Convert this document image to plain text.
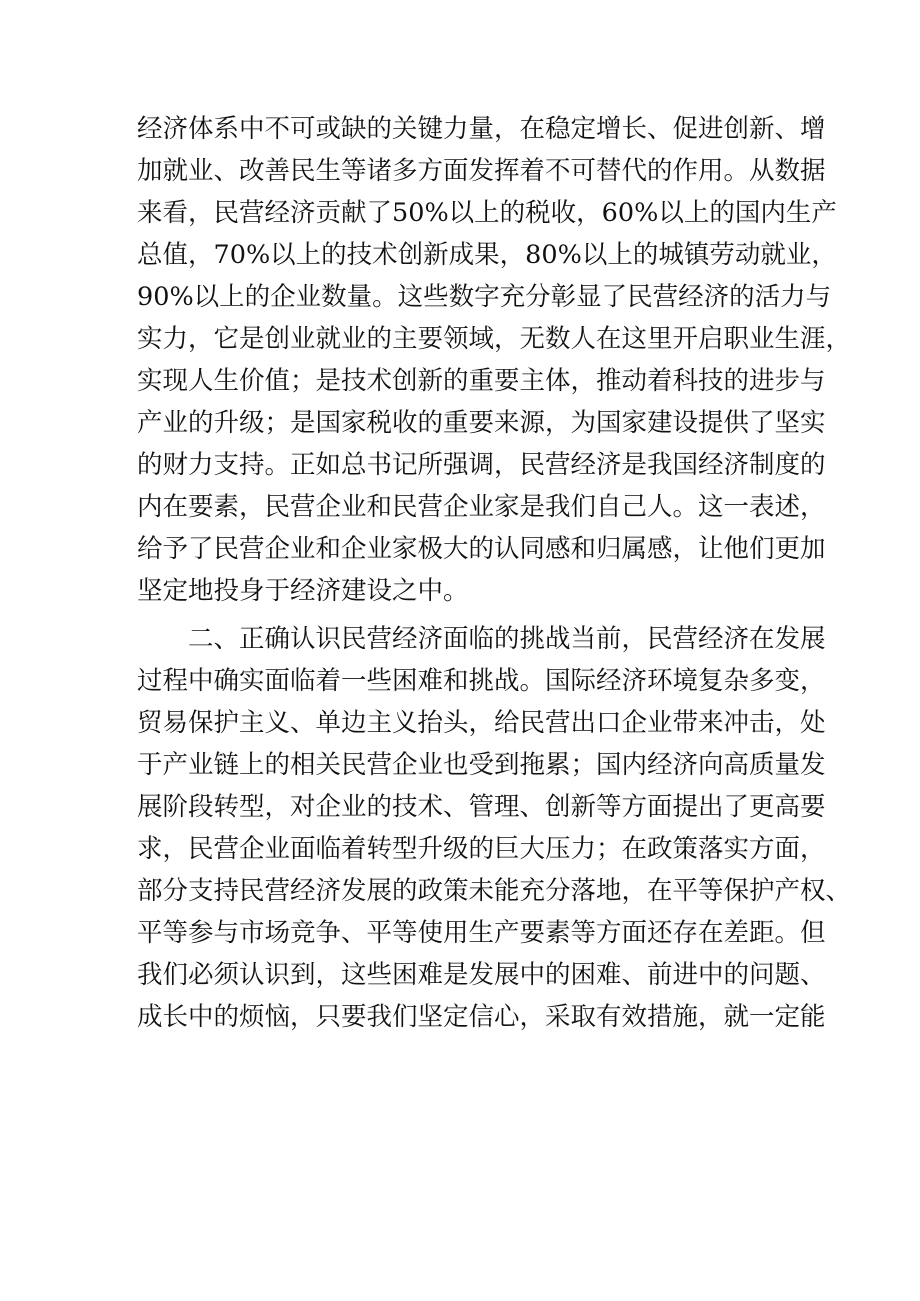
经济体系中不可或缺的关键力量，在稳定增长、促进创新、增
加就业、改善民生等诸多方面发挥着不可替代的作用。从数据
来看，民营经济贡献了50%以上的税收，60%以上的国内生产
总值，70%以上的技术创新成果，80%以上的城镇劳动就业，
90%以上的企业数量。这些数字充分彰显了民营经济的活力与
实力，它是创业就业的主要领域，无数人在这里开启职业生涯，
实现人生价值；是技术创新的重要主体，推动着科技的进步与
产业的升级；是国家税收的重要来源，为国家建设提供了坚实
的财力支持。正如总书记所强调，民营经济是我国经济制度的
内在要素，民营企业和民营企业家是我们自己人。这一表述，
给予了民营企业和企业家极大的认同感和归属感，让他们更加
坚定地投身于经济建设之中。
二、正确认识民营经济面临的挑战当前，民营经济在发展
过程中确实面临着一些困难和挑战。国际经济环境复杂多变，
贸易保护主义、单边主义抬头，给民营出口企业带来冲击，处
于产业链上的相关民营企业也受到拖累；国内经济向高质量发
展阶段转型，对企业的技术、管理、创新等方面提出了更高要
求，民营企业面临着转型升级的巨大压力；在政策落实方面，
部分支持民营经济发展的政策未能充分落地，在平等保护产权、
平等参与市场竞争、平等使用生产要素等方面还存在差距。但
我们必须认识到，这些困难是发展中的困难、前进中的问题、
成长中的烦恼，只要我们坚定信心，采取有效措施，就一定能
